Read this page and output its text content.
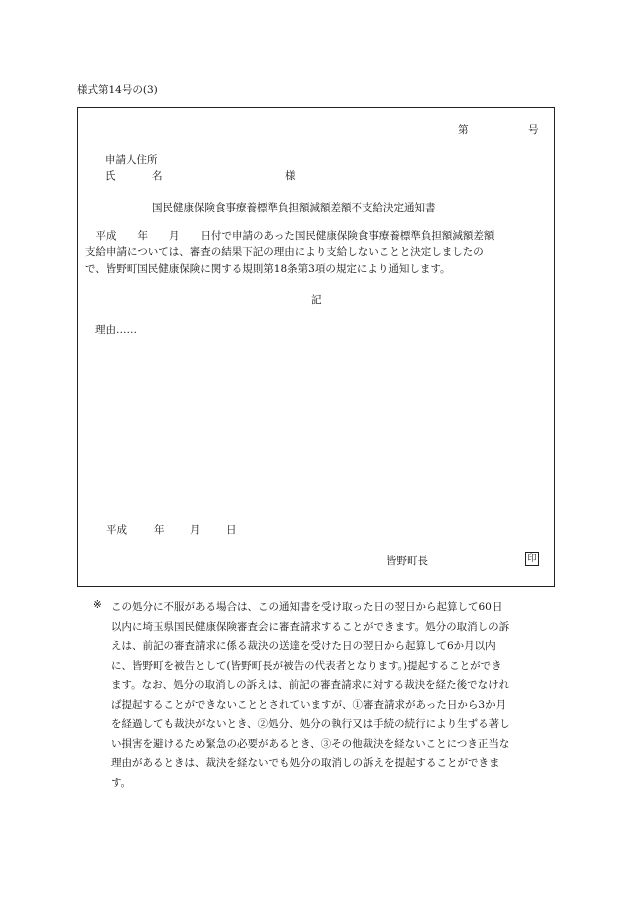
様式第14号の(3)
第	号
申請人住所
氏	名	様
国民健康保険食事療養標準負担額減額差額不支給決定通知書
　平成　　年　　月　　日付で申請のあった国民健康保険食事療養標準負担額減額差額
支給申請については、審査の結果下記の理由により支給しないことと決定しましたの
で、皆野町国民健康保険に関する規則第18条第3項の規定により通知します。
記
理由……
平成	年 月 日
皆野町長	印
※ この処分に不服がある場合は、この通知書を受け取った日の翌日から起算して60日
以内に埼玉県国民健康保険審査会に審査請求することができます。処分の取消しの訴
えは、前記の審査請求に係る裁決の送達を受けた日の翌日から起算して6か月以内
に、皆野町を被告として(皆野町長が被告の代表者となります。)提起することができ
ます。なお、処分の取消しの訴えは、前記の審査請求に対する裁決を経た後でなけれ
ば提起することができないこととされていますが、①審査請求があった日から3か月
を経過しても裁決がないとき、②処分、処分の執行又は手続の続行により生ずる著し
い損害を避けるため緊急の必要があるとき、③その他裁決を経ないことにつき正当な
理由があるときは、裁決を経ないでも処分の取消しの訴えを提起することができま
す。
